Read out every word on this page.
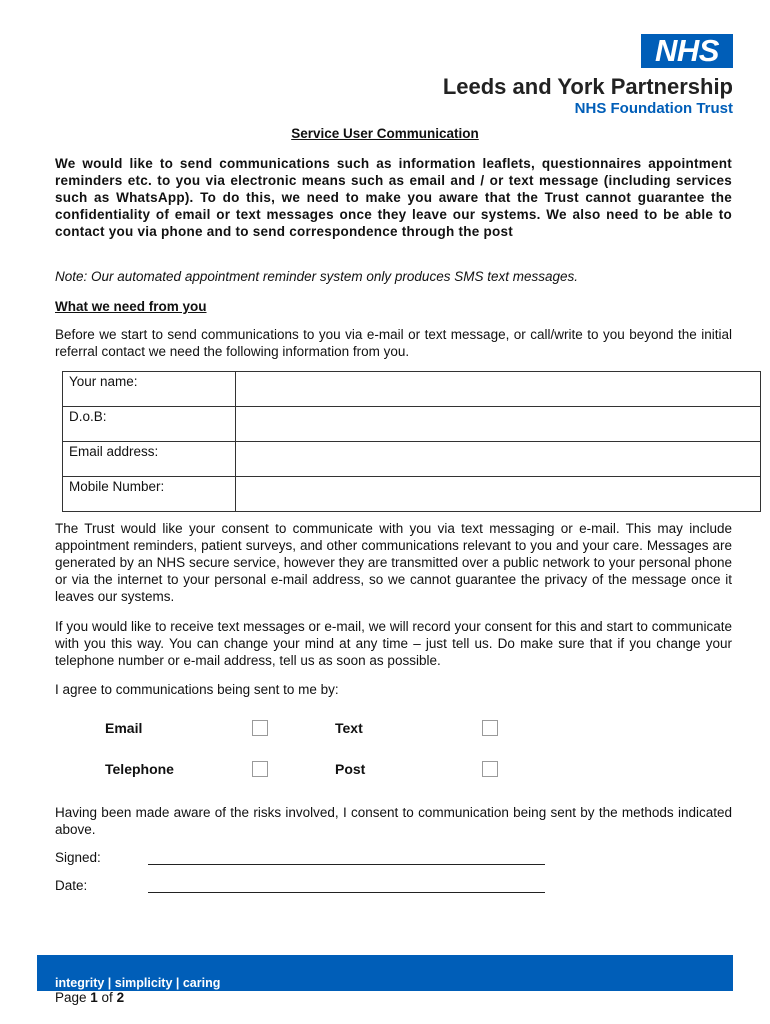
NHS
Leeds and York Partnership
NHS Foundation Trust
Service User Communication

We would like to send communications such as information leaflets, questionnaires appointment reminders etc. to you via electronic means such as email and / or text message (including services such as WhatsApp). To do this, we need to make you aware that the Trust cannot guarantee the confidentiality of email or text messages once they leave our systems. We also need to be able to contact you via phone and to send correspondence through the post

Note: Our automated appointment reminder system only produces SMS text messages.

What we need from you

Before we start to send communications to you via e-mail or text message, or call/write to you beyond the initial referral contact we need the following information from you.

Your name:	
D.o.B:	
Email address:	
Mobile Number:	

The Trust would like your consent to communicate with you via text messaging or e-mail. This may include appointment reminders, patient surveys, and other communications relevant to you and your care. Messages are generated by an NHS secure service, however they are transmitted over a public network to your personal phone or via the internet to your personal e-mail address, so we cannot guarantee the privacy of the message once it leaves our systems.

If you would like to receive text messages or e-mail, we will record your consent for this and start to communicate with you this way. You can change your mind at any time – just tell us. Do make sure that if you change your telephone number or e-mail address, tell us as soon as possible.

I agree to communications being sent to me by:

Email	Text
Telephone	Post

Having been made aware of the risks involved, I consent to communication being sent by the methods indicated above.

Signed:
Date:
integrity | simplicity | caring
Page 1 of 2
